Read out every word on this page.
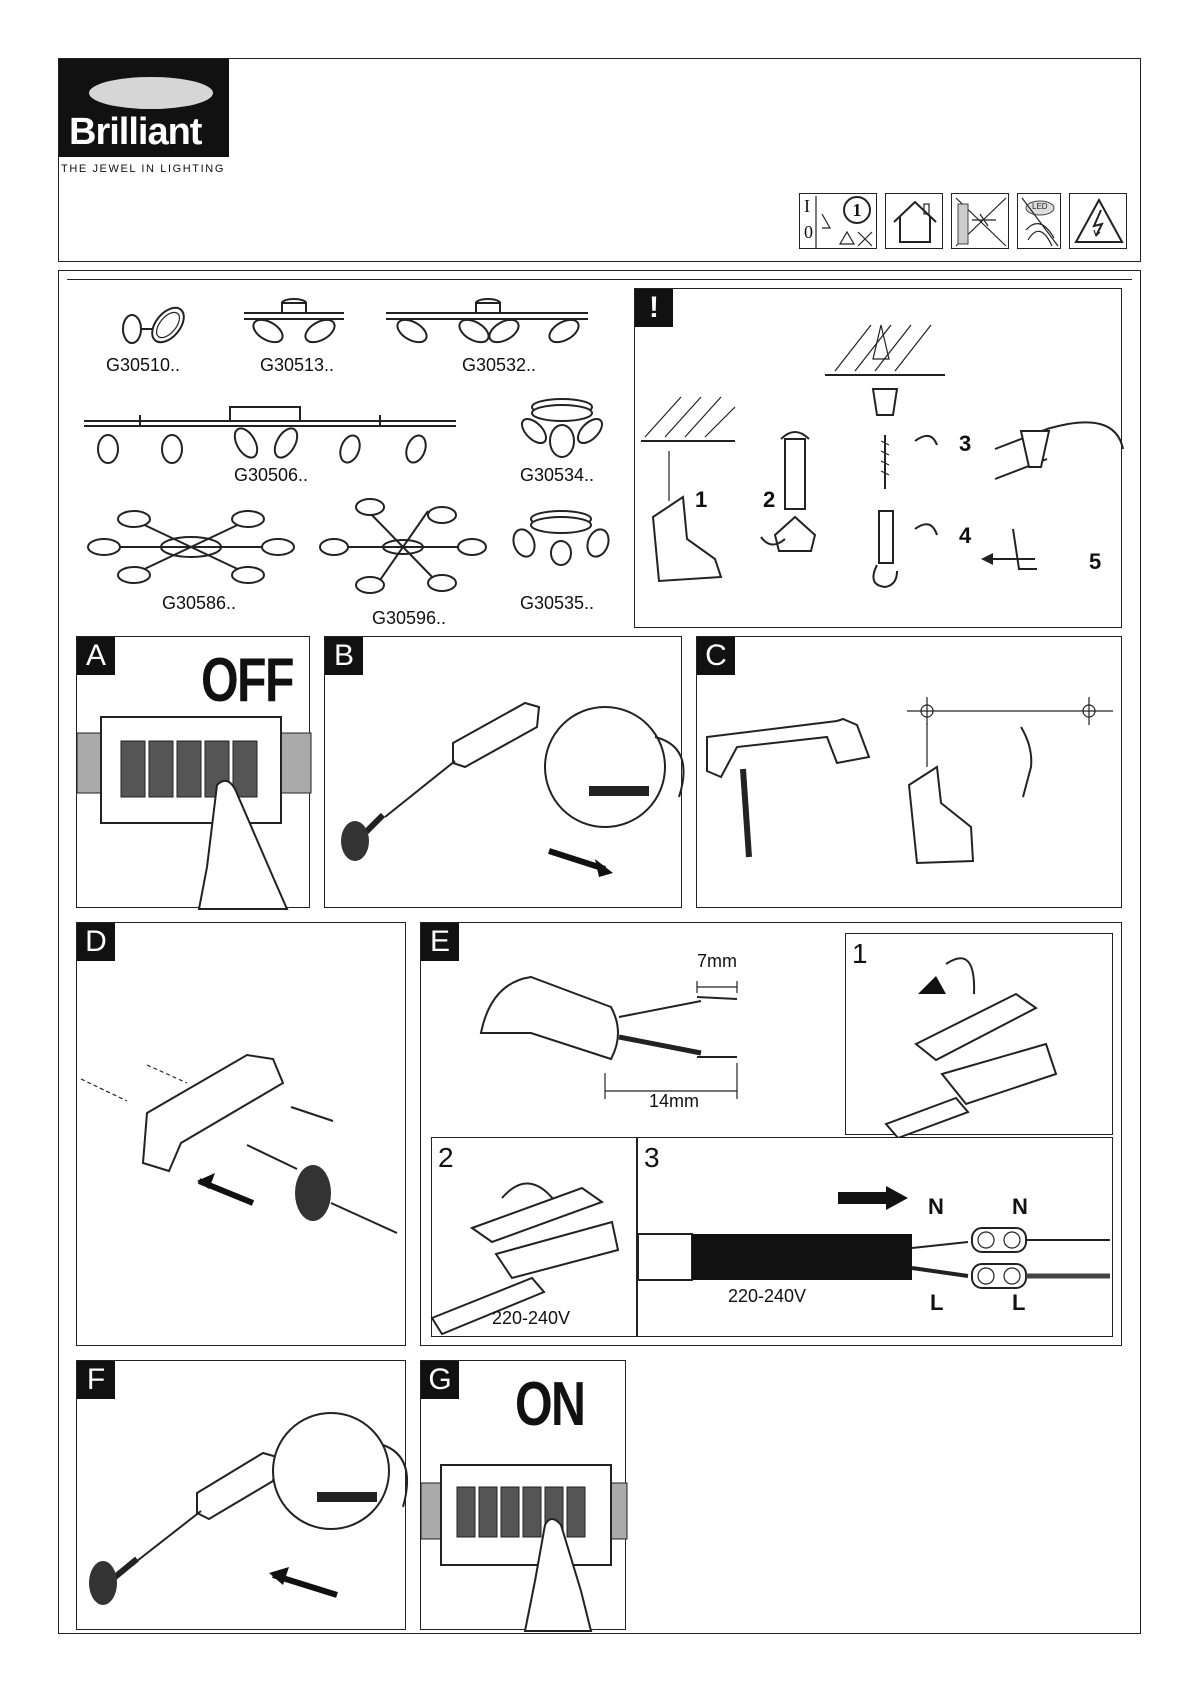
Brilliant
THE JEWEL IN LIGHTING
I
0
1	LED
G30510..	G30513..	G30532..
G30506..	G30534..
G30586..
G30596..
G30535..
!
1	2
3
4
5
A OFF B	C
D	E
7mm
14mm
1
2
220-240V
3
220-240V
N	N
L	L
F	G ON
